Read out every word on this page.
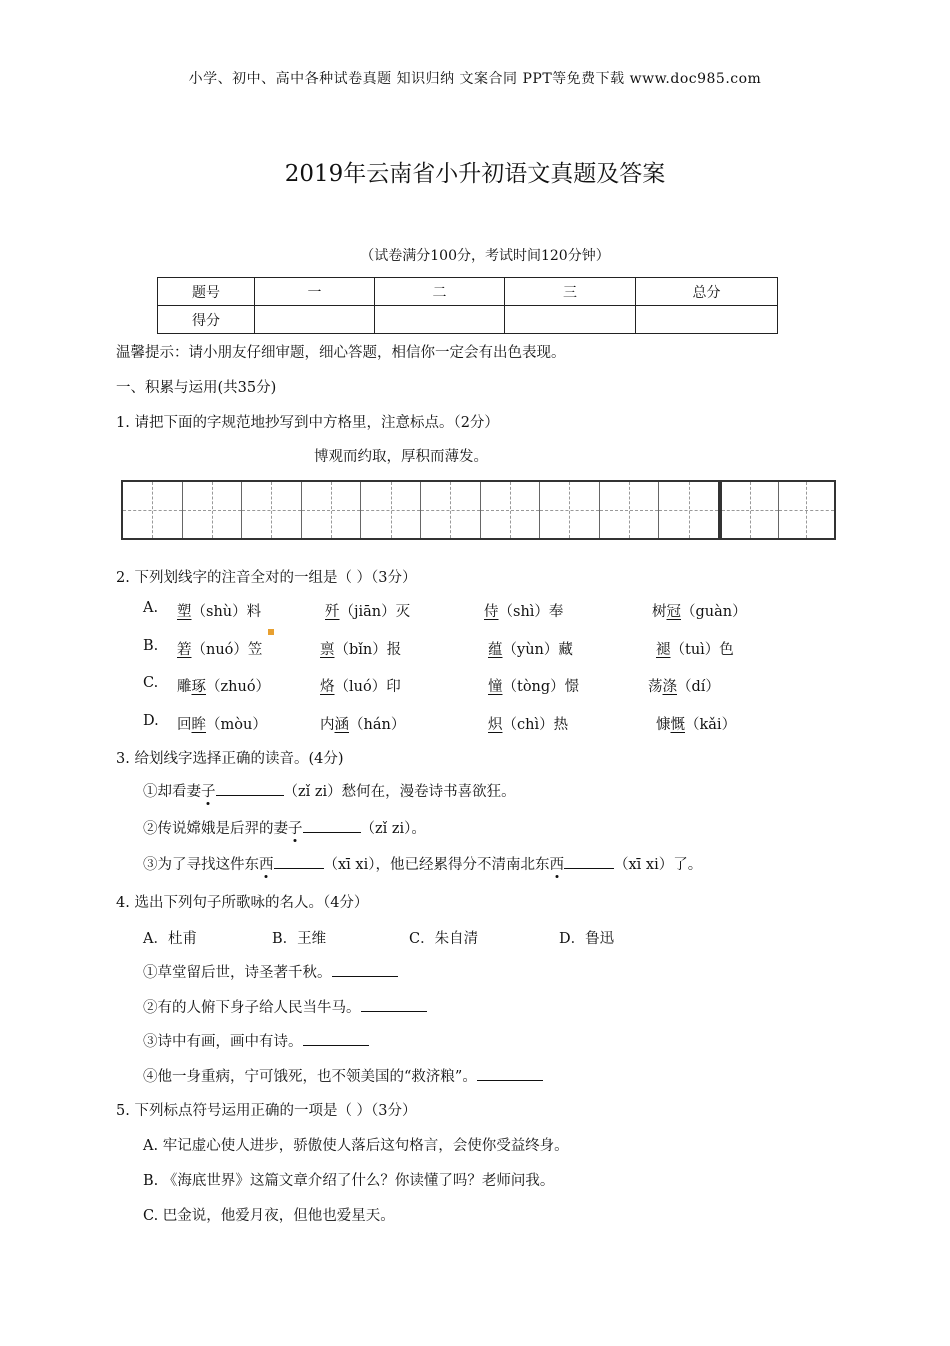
小学、初中、高中各种试卷真题 知识归纳 文案合同 PPT等免费下载 www.doc985.com
2019年云南省小升初语文真题及答案
（试卷满分100分，考试时间120分钟）
题号	一	二	三	总分
得分				
温馨提示：请小朋友仔细审题，细心答题，相信你一定会有出色表现。
一、积累与运用(共35分)
1. 请把下面的字规范地抄写到中方格里，注意标点。（2分）
博观而约取，厚积而薄发。
2. 下列划线字的注音全对的一组是（ ）（3分）
A. 塑（shù）料	歼（jiān）灭	侍（shì）奉	树冠（guàn）
B. 箬（nuó）笠	禀（bǐn）报	蕴（yùn）藏	褪（tuì）色
C. 雕琢（zhuó）	烙（luó）印	憧（tòng）憬	荡涤（dí）
D. 回眸（mòu）	内涵（hán）	炽（chì）热	慷慨（kǎi）
3. 给划线字选择正确的读音。(4分)
①却看妻子	（zǐ zi）愁何在，漫卷诗书喜欲狂。
②传说嫦娥是后羿的妻子	（zǐ zi）。
③为了寻找这件东西	（xī xi），他已经累得分不清南北东西	（xī xi）了。
4. 选出下列句子所歌咏的名人。（4分）
A．杜甫	B．王维	C．朱自清	D．鲁迅
①草堂留后世，诗圣著千秋。
②有的人俯下身子给人民当牛马。
③诗中有画，画中有诗。
④他一身重病，宁可饿死，也不领美国的“救济粮”。
5. 下列标点符号运用正确的一项是（ ）（3分）
A. 牢记虚心使人进步，骄傲使人落后这句格言，会使你受益终身。
B. 《海底世界》这篇文章介绍了什么？你读懂了吗？老师问我。
C. 巴金说，他爱月夜，但他也爱星天。
